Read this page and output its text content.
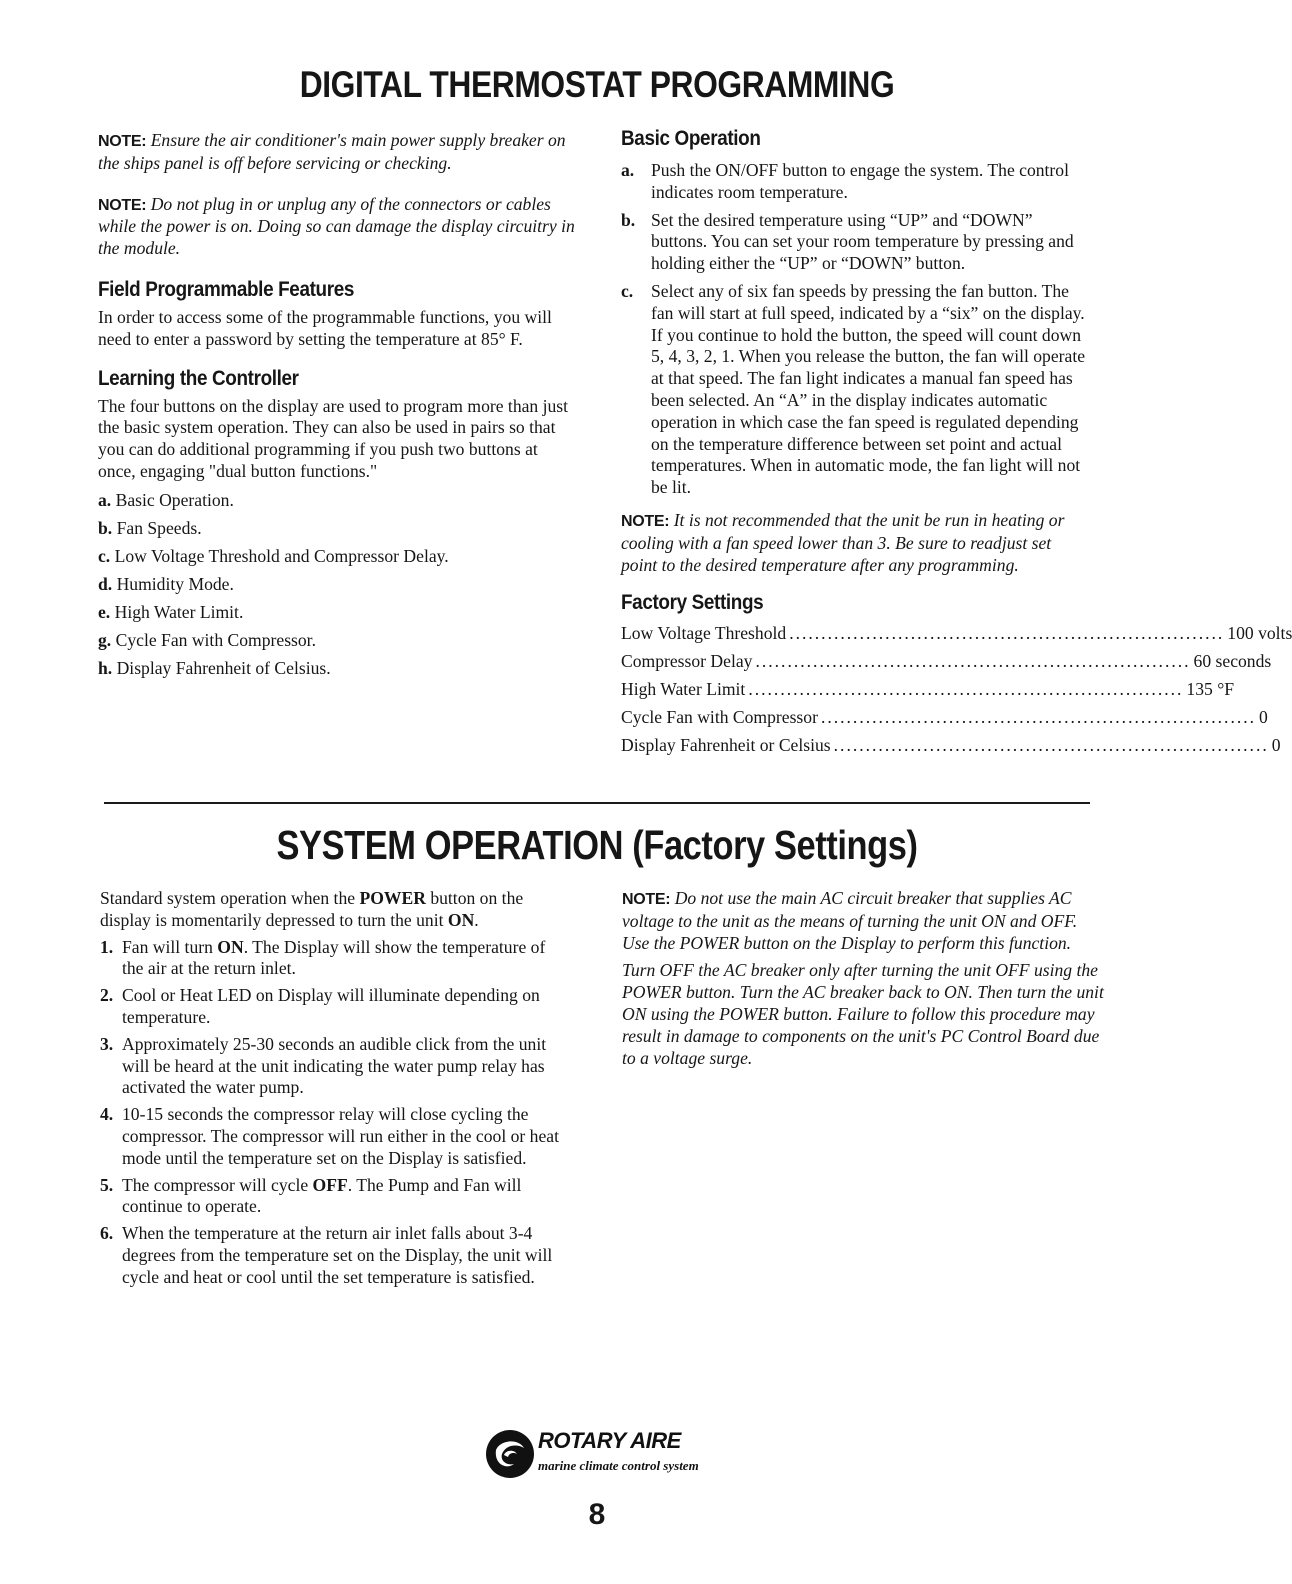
DIGITAL THERMOSTAT PROGRAMMING

NOTE: Ensure the air conditioner's main power supply breaker on the ships panel is off before servicing or checking.

NOTE: Do not plug in or unplug any of the connectors or cables while the power is on. Doing so can damage the display circuitry in the module.

Field Programmable Features

In order to access some of the programmable functions, you will need to enter a password by setting the temperature at 85° F.

Learning the Controller

The four buttons on the display are used to program more than just the basic system operation. They can also be used in pairs so that you can do additional programming if you push two buttons at once, engaging "dual button functions."

a. Basic Operation.

b. Fan Speeds.

c. Low Voltage Threshold and Compressor Delay.

d. Humidity Mode.

e. High Water Limit.

g. Cycle Fan with Compressor.

h. Display Fahrenheit of Celsius.

Basic Operation
a. Push the ON/OFF button to engage the system. The control indicates room temperature.
b. Set the desired temperature using “UP” and “DOWN” buttons. You can set your room temperature by pressing and holding either the “UP” or “DOWN” button.
c.	Select any of six fan speeds by pressing the fan button. The fan will start at full speed, indicated by a “six” on the display. If you continue to hold the button, the speed will count down 5, 4, 3, 2, 1. When you release the button, the fan will operate at that speed. The fan light indicates a manual fan speed has been selected. An “A” in the display indicates automatic operation in which case the fan speed is regulated depending on the temperature difference between set point and actual temperatures. When in automatic mode, the fan light will not be lit.

NOTE: It is not recommended that the unit be run in heating or cooling with a fan speed lower than 3. Be sure to readjust set point to the desired temperature after any programming.

Factory Settings
Low Voltage Threshold .................................................................... 100 volts
Compressor Delay .................................................................... 60 seconds
High Water Limit .................................................................... 135 °F
Cycle Fan with Compressor .................................................................... 0
Display Fahrenheit or Celsius .................................................................... 0
SYSTEM OPERATION (Factory Settings)

Standard system operation when the POWER button on the display is momentarily depressed to turn the unit ON.

1. Fan will turn ON. The Display will show the temperature of the air at the return inlet.
2. Cool or Heat LED on Display will illuminate depending on temperature.
3. Approximately 25-30 seconds an audible click from the unit will be heard at the unit indicating the water pump relay has activated the water pump.
4. 10-15 seconds the compressor relay will close cycling the compressor. The compressor will run either in the cool or heat mode until the temperature set on the Display is satisfied.
5. The compressor will cycle OFF. The Pump and Fan will continue to operate.
6. When the temperature at the return air inlet falls about 3-4 degrees from the temperature set on the Display, the unit will cycle and heat or cool until the set temperature is satisfied.

NOTE: Do not use the main AC circuit breaker that supplies AC voltage to the unit as the means of turning the unit ON and OFF. Use the POWER button on the Display to perform this function.

Turn OFF the AC breaker only after turning the unit OFF using the POWER button. Turn the AC breaker back to ON. Then turn the unit ON using the POWER button. Failure to follow this procedure may result in damage to components on the unit's PC Control Board due to a voltage surge.

ROTARY AIRE
marine climate control system
8
